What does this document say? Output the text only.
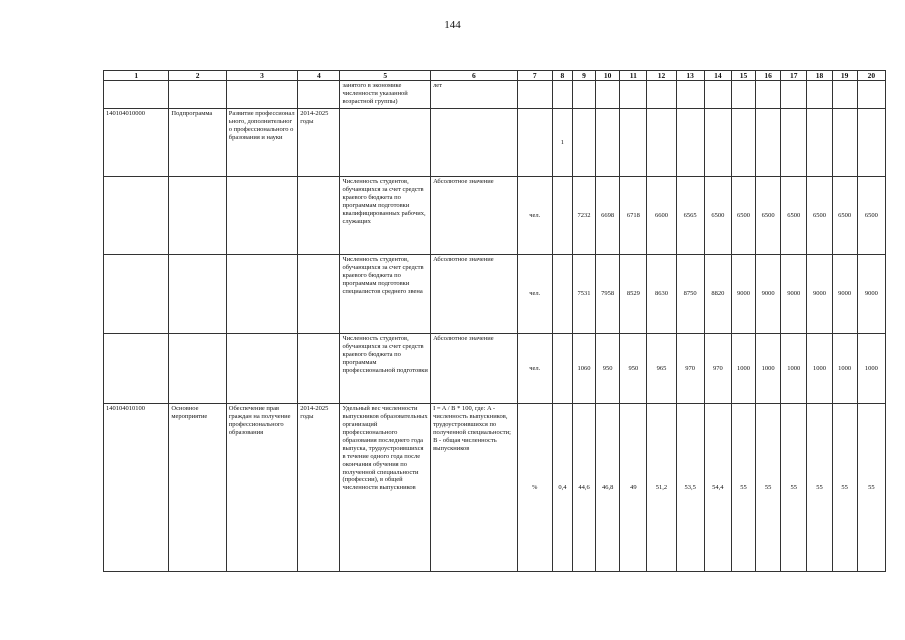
144
1	2	3	4	5	6	7	8	9	10	11	12	13	14	15	16	17	18	19	20
				занятого в экономике численности указанной возрастной группы)	лет														
140104010000	Подпрограмма	Развитие профессионального, дополнительного профессионального образования и науки	2014-2025 годы				1												
				Численность студентов, обучающихся за счет средств краевого бюджета по программам подготовки квалифицированных рабочих, служащих	Абсолютное значение	чел.		7232	6698	6718	6600	6565	6500	6500	6500	6500	6500	6500	6500
				Численность студентов, обучающихся за счет средств краевого бюджета по программам подготовки специалистов среднего звена	Абсолютное значение	чел.		7531	7958	8529	8630	8750	8820	9000	9000	9000	9000	9000	9000
				Численность студентов, обучающихся за счет средств краевого бюджета по программам профессиональной подготовки	Абсолютное значение	чел.		1060	950	950	965	970	970	1000	1000	1000	1000	1000	1000
140104010100	Основное мероприятие	Обеспечение прав граждан на получение профессионального образования	2014-2025 годы	Удельный вес численности выпускников образовательных организаций профессионального образования последнего года выпуска, трудоустроившихся в течение одного года после окончания обучения по полученной специальности (профессии), в общей численности выпускников	I = A / B * 100, где: A - численность выпускников, трудоустроившихся по полученной специальности; B - общая численность выпускников	%	0,4	44,6	46,8	49	51,2	53,5	54,4	55	55	55	55	55	55
